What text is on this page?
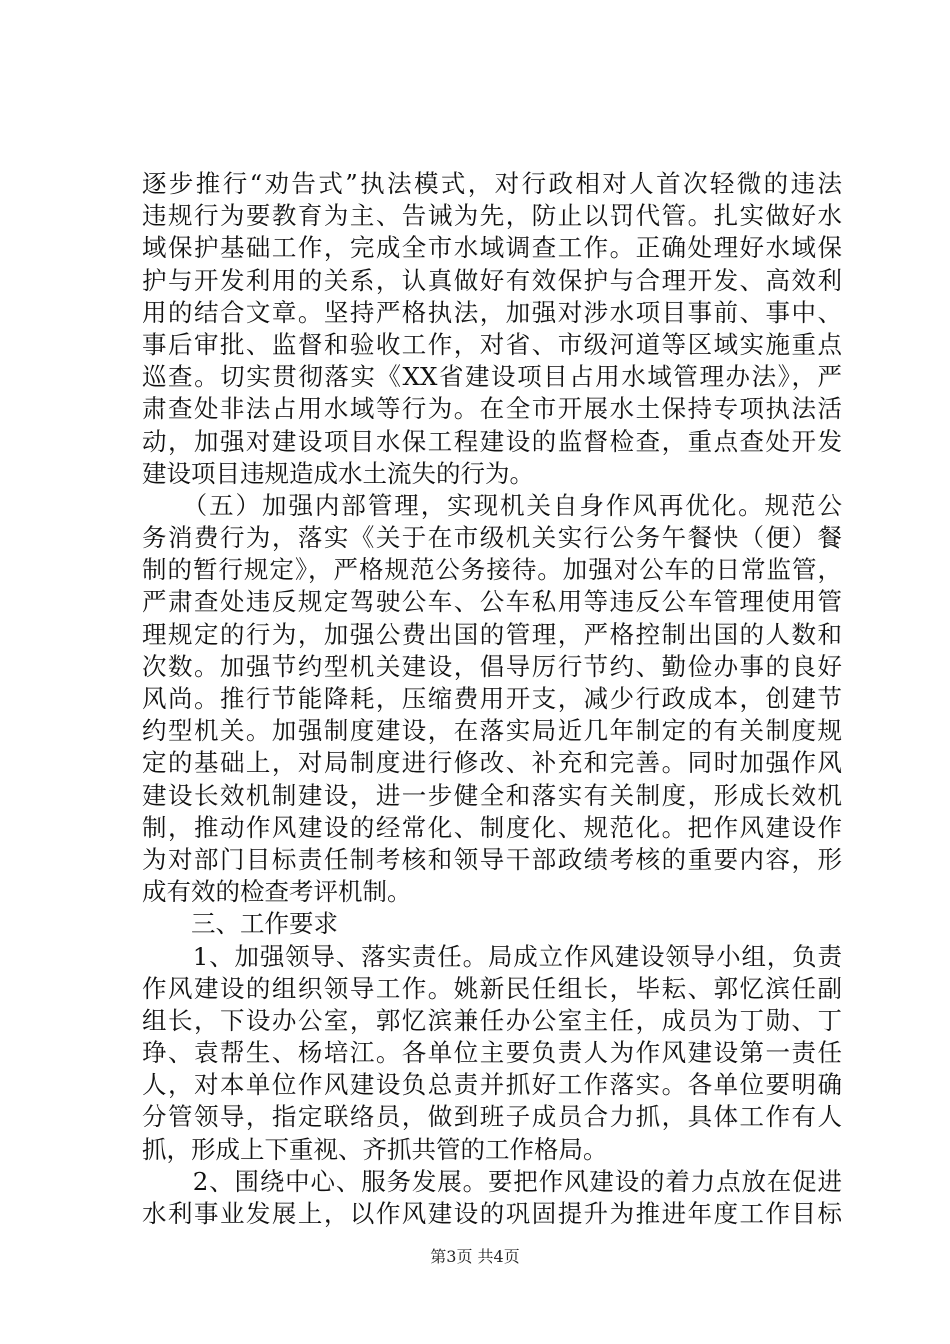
逐步推行“劝告式”执法模式，对行政相对人首次轻微的违法
违规行为要教育为主、告诫为先，防止以罚代管。扎实做好水
域保护基础工作，完成全市水域调查工作。正确处理好水域保
护与开发利用的关系，认真做好有效保护与合理开发、高效利
用的结合文章。坚持严格执法，加强对涉水项目事前、事中、
事后审批、监督和验收工作，对省、市级河道等区域实施重点
巡查。切实贯彻落实《XX省建设项目占用水域管理办法》，严
肃查处非法占用水域等行为。在全市开展水土保持专项执法活
动，加强对建设项目水保工程建设的监督检查，重点查处开发
建设项目违规造成水土流失的行为。
　　（五）加强内部管理，实现机关自身作风再优化。规范公
务消费行为，落实《关于在市级机关实行公务午餐快（便）餐
制的暂行规定》，严格规范公务接待。加强对公车的日常监管，
严肃查处违反规定驾驶公车、公车私用等违反公车管理使用管
理规定的行为，加强公费出国的管理，严格控制出国的人数和
次数。加强节约型机关建设，倡导厉行节约、勤俭办事的良好
风尚。推行节能降耗，压缩费用开支，减少行政成本，创建节
约型机关。加强制度建设，在落实局近几年制定的有关制度规
定的基础上，对局制度进行修改、补充和完善。同时加强作风
建设长效机制建设，进一步健全和落实有关制度，形成长效机
制，推动作风建设的经常化、制度化、规范化。把作风建设作
为对部门目标责任制考核和领导干部政绩考核的重要内容，形
成有效的检查考评机制。
　　三、工作要求
　　1、加强领导、落实责任。局成立作风建设领导小组，负责
作风建设的组织领导工作。姚新民任组长，毕耘、郭忆滨任副
组长，下设办公室，郭忆滨兼任办公室主任，成员为丁勋、丁
琤、袁帮生、杨培江。各单位主要负责人为作风建设第一责任
人，对本单位作风建设负总责并抓好工作落实。各单位要明确
分管领导，指定联络员，做到班子成员合力抓，具体工作有人
抓，形成上下重视、齐抓共管的工作格局。
　　2、围绕中心、服务发展。要把作风建设的着力点放在促进
水利事业发展上，以作风建设的巩固提升为推进年度工作目标
第3页 共4页
